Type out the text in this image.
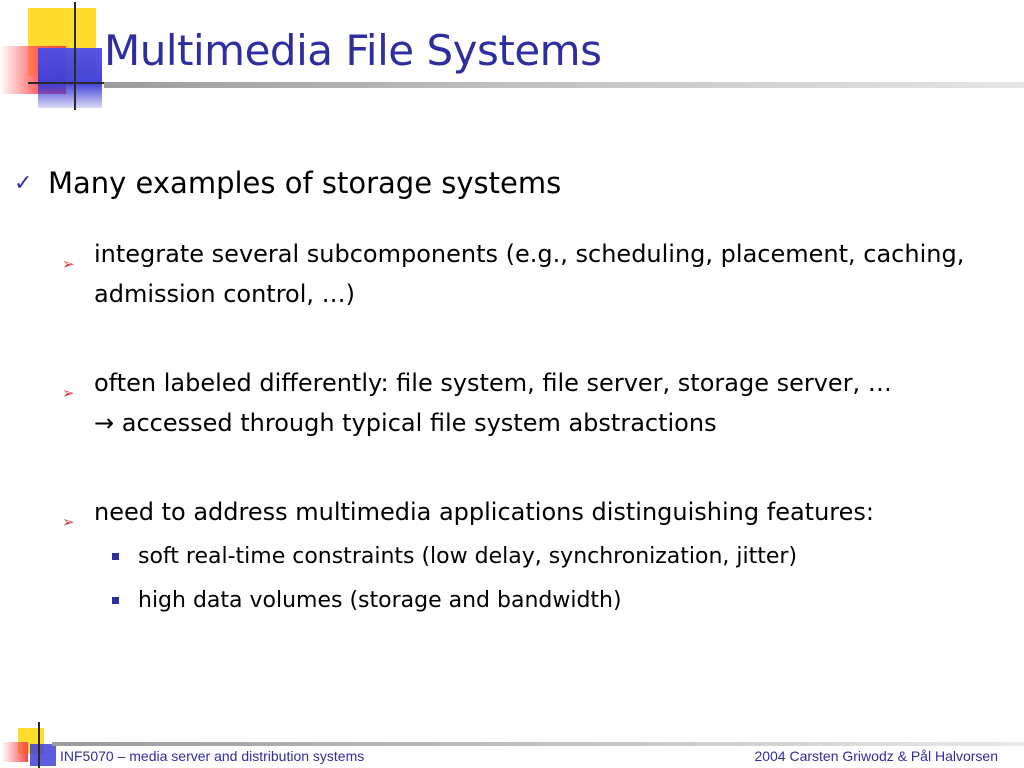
Multimedia File Systems
✓ Many examples of storage systems
➢ integrate several subcomponents (e.g., scheduling, placement, caching,
admission control, …)
➢ often labeled differently: file system, file server, storage server, …
→ accessed through typical file system abstractions
➢ need to address multimedia applications distinguishing features:
soft real-time constraints (low delay, synchronization, jitter)
high data volumes (storage and bandwidth)
INF5070 – media server and distribution systems	2004 Carsten Griwodz & Pål Halvorsen
